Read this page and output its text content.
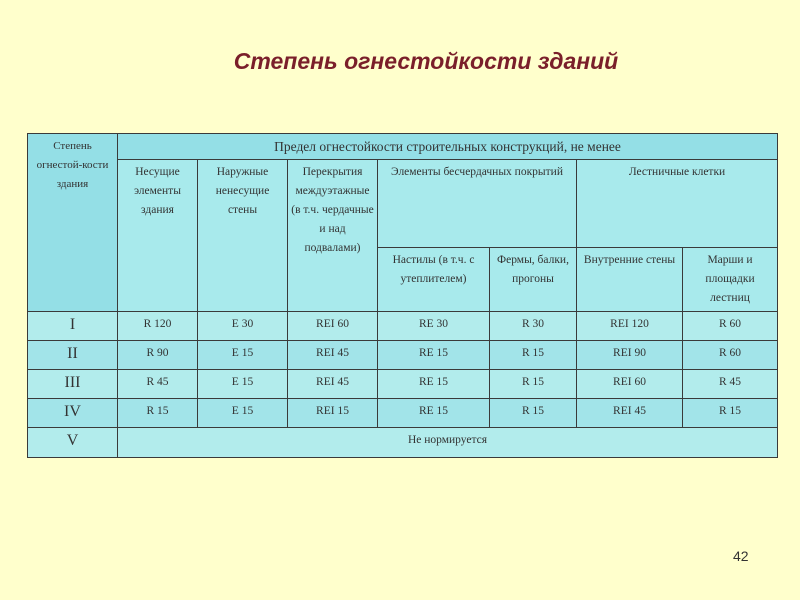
Степень огнестойкости зданий
Степень огнестой-кости здания	Предел огнестойкости строительных конструкций, не менее						
	Несущие элементы здания	Наружные ненесущие стены	Перекрытия междуэтажные (в т.ч. чердачные и над подвалами)	Элементы бесчердачных покрытий		Лестничные клетки	
				Настилы (в т.ч. с утеплителем)	Фермы, балки, прогоны	Внутренние стены	Марши и площадки лестниц
I	R 120	E 30	REI 60	RE 30	R 30	REI 120	R 60
II	R 90	E 15	REI 45	RE 15	R 15	REI 90	R 60
III	R 45	E 15	REI 45	RE 15	R 15	REI 60	R 45
IV	R 15	E 15	REI 15	RE 15	R 15	REI 45	R 15
V	Не нормируется						
42
